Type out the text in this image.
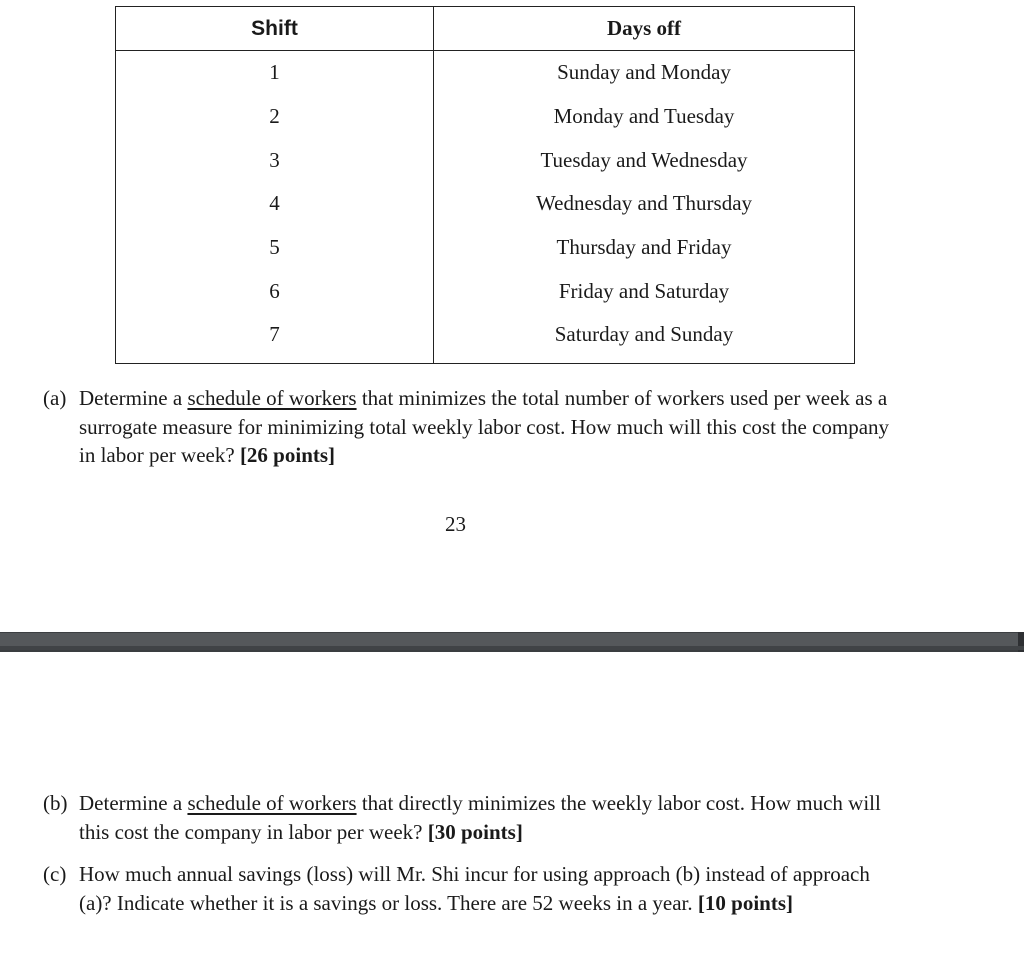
Shift	Days off
1	Sunday and Monday
2	Monday and Tuesday
3	Tuesday and Wednesday
4	Wednesday and Thursday
5	Thursday and Friday
6	Friday and Saturday
7	Saturday and Sunday
(a) Determine a schedule of workers that minimizes the total number of workers used per week as a surrogate measure for minimizing total weekly labor cost. How much will this cost the company in labor per week? [26 points]
23
(b) Determine a schedule of workers that directly minimizes the weekly labor cost. How much will this cost the company in labor per week? [30 points]
(c) How much annual savings (loss) will Mr. Shi incur for using approach (b) instead of approach (a)? Indicate whether it is a savings or loss. There are 52 weeks in a year. [10 points]
